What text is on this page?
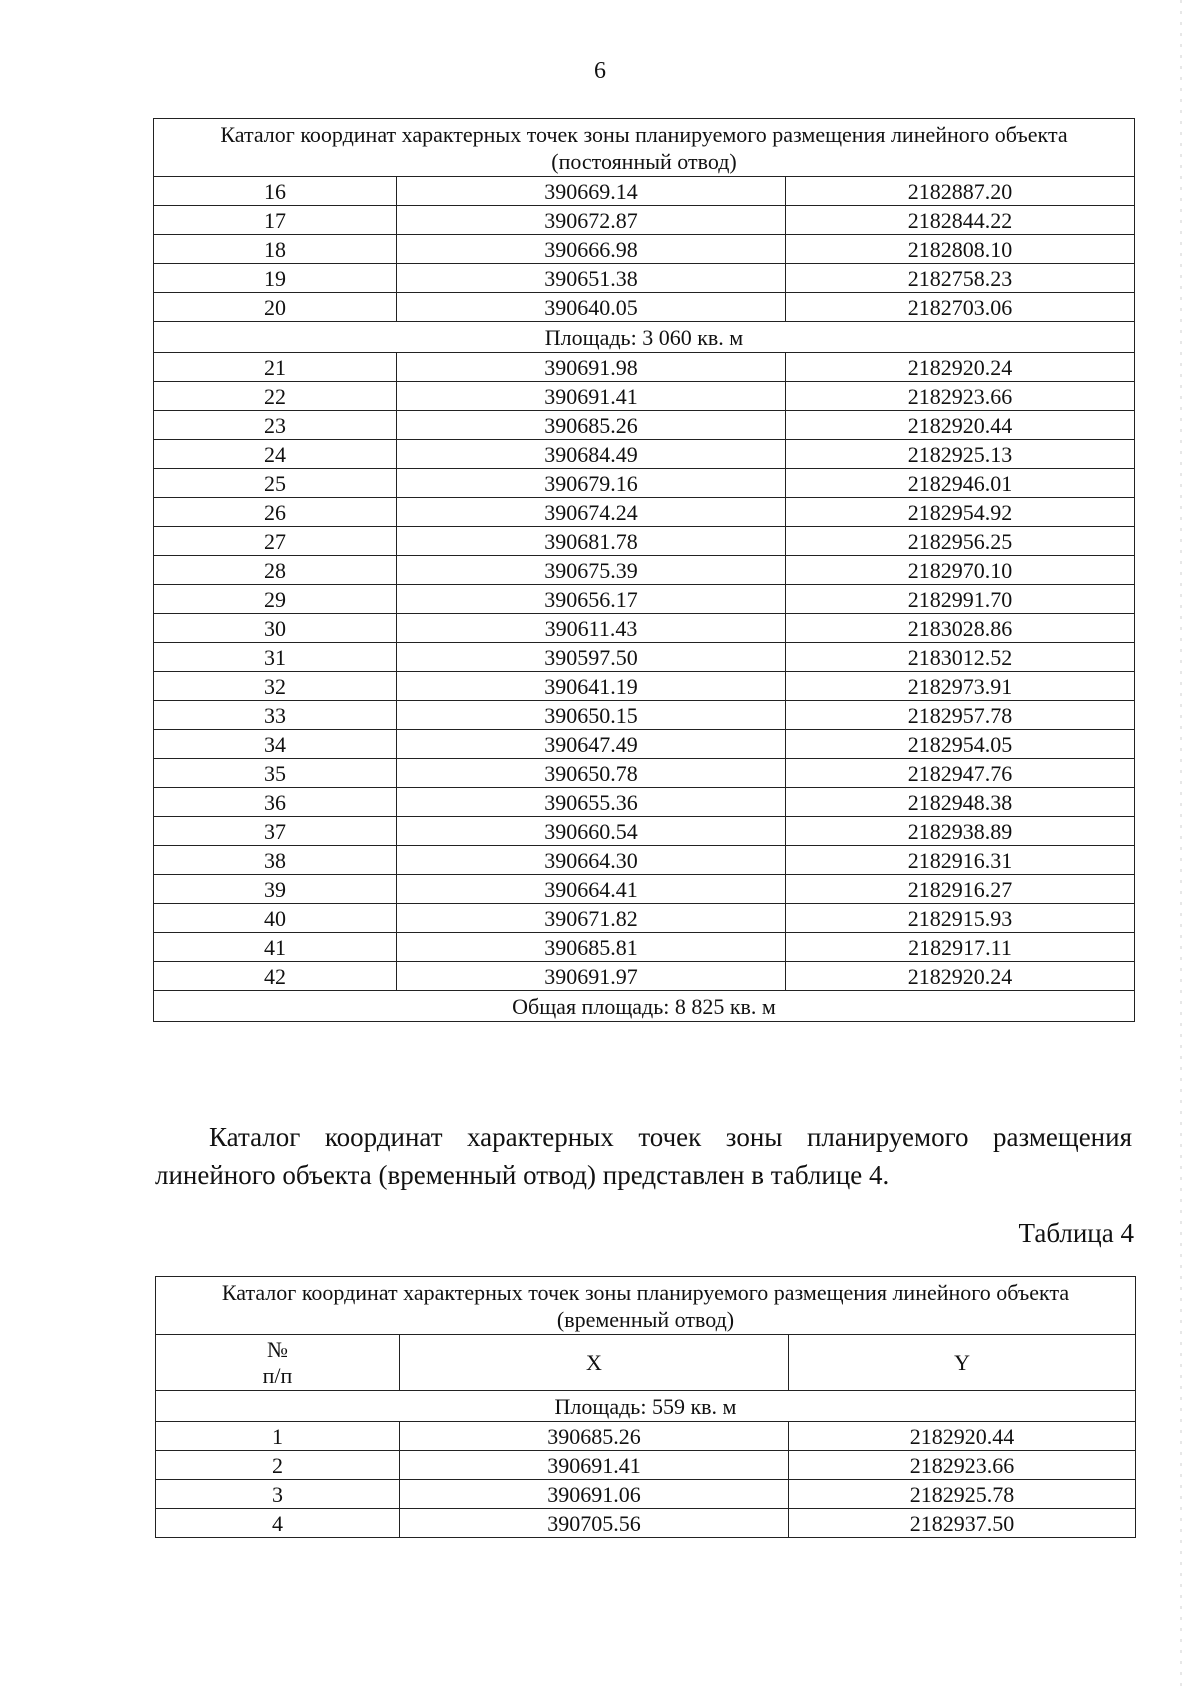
6
Каталог координат характерных точек зоны планируемого размещения линейного объекта
(постоянный отвод)		

16	390669.14	2182887.20
17	390672.87	2182844.22
18	390666.98	2182808.10
19	390651.38	2182758.23
20	390640.05	2182703.06
Площадь: 3 060 кв. м		
21	390691.98	2182920.24
22	390691.41	2182923.66
23	390685.26	2182920.44
24	390684.49	2182925.13
25	390679.16	2182946.01
26	390674.24	2182954.92
27	390681.78	2182956.25
28	390675.39	2182970.10
29	390656.17	2182991.70
30	390611.43	2183028.86
31	390597.50	2183012.52
32	390641.19	2182973.91
33	390650.15	2182957.78
34	390647.49	2182954.05
35	390650.78	2182947.76
36	390655.36	2182948.38
37	390660.54	2182938.89
38	390664.30	2182916.31
39	390664.41	2182916.27
40	390671.82	2182915.93
41	390685.81	2182917.11
42	390691.97	2182920.24
Общая площадь: 8 825 кв. м		
Каталог координат характерных точек зоны планируемого размещения линейного объекта (временный отвод) представлен в таблице 4.
Таблица 4
Каталог координат характерных точек зоны планируемого размещения линейного объекта
(временный отвод)		

№
п/п	X	Y
Площадь: 559 кв. м		
1	390685.26	2182920.44
2	390691.41	2182923.66
3	390691.06	2182925.78
4	390705.56	2182937.50
